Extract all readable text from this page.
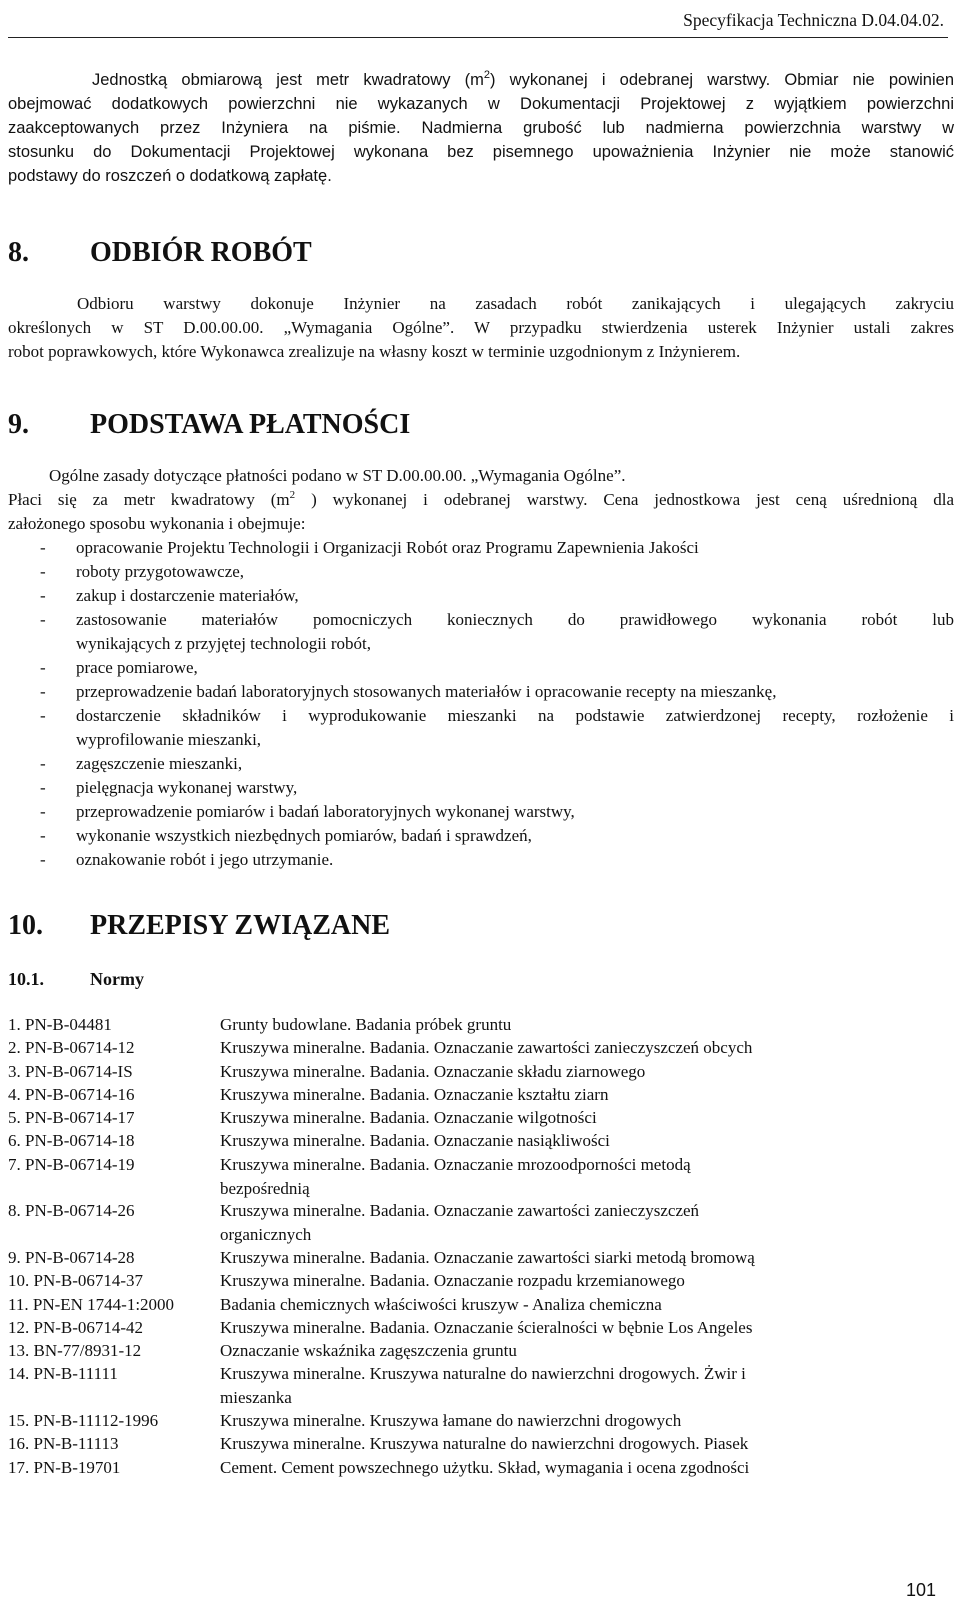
Specyfikacja Techniczna D.04.04.02.
Jednostką obmiarową jest metr kwadratowy $(m^2)$ wykonanej i odebranej warstwy. Obmiar nie powinien
obejmować dodatkowych powierzchni nie wykazanych w Dokumentacji Projektowej z wyjątkiem powierzchni
zaakceptowanych przez Inżyniera na piśmie. Nadmierna grubość lub nadmierna powierzchnia warstwy w
stosunku do Dokumentacji Projektowej wykonana bez pisemnego upoważnienia Inżynier nie może stanowić
podstawy do roszczeń o dodatkową zapłatę.
8. ODBIÓR ROBÓT
Odbioru warstwy dokonuje Inżynier na zasadach robót zanikających i ulegających zakryciu
określonych w ST D.00.00.00. „Wymagania Ogólne”. W przypadku stwierdzenia usterek Inżynier ustali zakres
robot poprawkowych, które Wykonawca zrealizuje na własny koszt w terminie uzgodnionym z Inżynierem.
9. PODSTAWA PŁATNOŚCI
Ogólne zasady dotyczące płatności podano w ST D.00.00.00. „Wymagania Ogólne”.
Płaci się za metr kwadratowy ($m^2$ ) wykonanej i odebranej warstwy. Cena jednostkowa jest ceną uśrednioną dla
założonego sposobu wykonania i obejmuje:
- opracowanie Projektu Technologii i Organizacji Robót oraz Programu Zapewnienia Jakości
- roboty przygotowawcze,
- zakup i dostarczenie materiałów,
- zastosowanie materiałów pomocniczych koniecznych do prawidłowego wykonania robót lub
wynikających z przyjętej technologii robót,
- prace pomiarowe,
- przeprowadzenie badań laboratoryjnych stosowanych materiałów i opracowanie recepty na mieszankę,
- dostarczenie składników i wyprodukowanie mieszanki na podstawie zatwierdzonej recepty, rozłożenie i
wyprofilowanie mieszanki,
- zagęszczenie mieszanki,
- pielęgnacja wykonanej warstwy,
- przeprowadzenie pomiarów i badań laboratoryjnych wykonanej warstwy,
- wykonanie wszystkich niezbędnych pomiarów, badań i sprawdzeń,
- oznakowanie robót i jego utrzymanie.
10. PRZEPISY ZWIĄZANE
10.1.	Normy
1. PN-B-04481	Grunty budowlane. Badania próbek gruntu
2. PN-B-06714-12	Kruszywa mineralne. Badania. Oznaczanie zawartości zanieczyszczeń obcych
3. PN-B-06714-IS	Kruszywa mineralne. Badania. Oznaczanie składu ziarnowego
4. PN-B-06714-16	Kruszywa mineralne. Badania. Oznaczanie kształtu ziarn
5. PN-B-06714-17	Kruszywa mineralne. Badania. Oznaczanie wilgotności
6. PN-B-06714-18	Kruszywa mineralne. Badania. Oznaczanie nasiąkliwości
7. PN-B-06714-19	Kruszywa mineralne. Badania. Oznaczanie mrozoodporności metodą
bezpośrednią
8. PN-B-06714-26	Kruszywa mineralne. Badania. Oznaczanie zawartości zanieczyszczeń
organicznych
9. PN-B-06714-28	Kruszywa mineralne. Badania. Oznaczanie zawartości siarki metodą bromową
10. PN-B-06714-37	Kruszywa mineralne. Badania. Oznaczanie rozpadu krzemianowego
11. PN-EN 1744-1:2000	Badania chemicznych właściwości kruszyw - Analiza chemiczna
12. PN-B-06714-42	Kruszywa mineralne. Badania. Oznaczanie ścieralności w bębnie Los Angeles
13. BN-77/8931-12	Oznaczanie wskaźnika zagęszczenia gruntu
14. PN-B-11111	Kruszywa mineralne. Kruszywa naturalne do nawierzchni drogowych. Żwir i
mieszanka
15. PN-B-11112-1996	Kruszywa mineralne. Kruszywa łamane do nawierzchni drogowych
16. PN-B-11113	Kruszywa mineralne. Kruszywa naturalne do nawierzchni drogowych. Piasek
17. PN-B-19701	Cement. Cement powszechnego użytku. Skład, wymagania i ocena zgodności
101
